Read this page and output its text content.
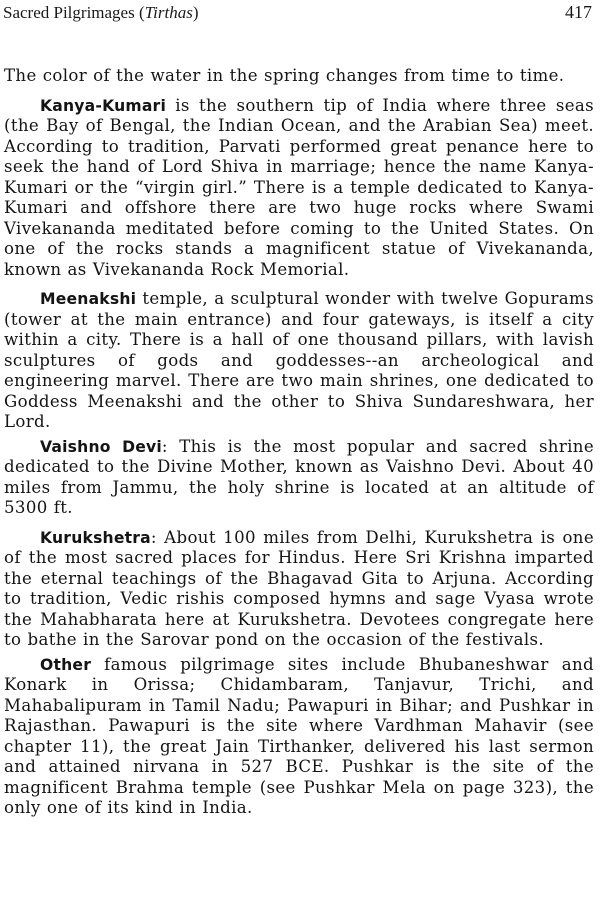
Sacred Pilgrimages (Tirthas)	417

The color of the water in the spring changes from time to time.

Kanya-Kumari is the southern tip of India where three seas (the Bay of Bengal, the Indian Ocean, and the Arabian Sea) meet. According to tradition, Parvati performed great penance here to seek the hand of Lord Shiva in marriage; hence the name Kanya-Kumari or the “virgin girl.” There is a temple dedicated to Kanya-Kumari and offshore there are two huge rocks where Swami Vivekananda meditated before coming to the United States. On one of the rocks stands a magnificent statue of Vivekananda, known as Vivekananda Rock Memorial.

Meenakshi temple, a sculptural wonder with twelve Gopurams (tower at the main entrance) and four gateways, is itself a city within a city. There is a hall of one thousand pillars, with lavish sculptures of gods and goddesses--an archeological and engineering marvel. There are two main shrines, one dedicated to Goddess Meenakshi and the other to Shiva Sundareshwara, her Lord.

Vaishno Devi: This is the most popular and sacred shrine dedicated to the Divine Mother, known as Vaishno Devi. About 40 miles from Jammu, the holy shrine is located at an altitude of 5300 ft.

Kurukshetra: About 100 miles from Delhi, Kurukshetra is one of the most sacred places for Hindus. Here Sri Krishna imparted the eternal teachings of the Bhagavad Gita to Arjuna. According to tradition, Vedic rishis composed hymns and sage Vyasa wrote the Mahabharata here at Kurukshetra. Devotees congregate here to bathe in the Sarovar pond on the occasion of the festivals.

Other famous pilgrimage sites include Bhubaneshwar and Konark in Orissa; Chidambaram, Tanjavur, Trichi, and Mahabalipuram in Tamil Nadu; Pawapuri in Bihar; and Pushkar in Rajasthan. Pawapuri is the site where Vardhman Mahavir (see chapter 11), the great Jain Tirthanker, delivered his last sermon and attained nirvana in 527 BCE. Pushkar is the site of the magnificent Brahma temple (see Pushkar Mela on page 323), the only one of its kind in India.
